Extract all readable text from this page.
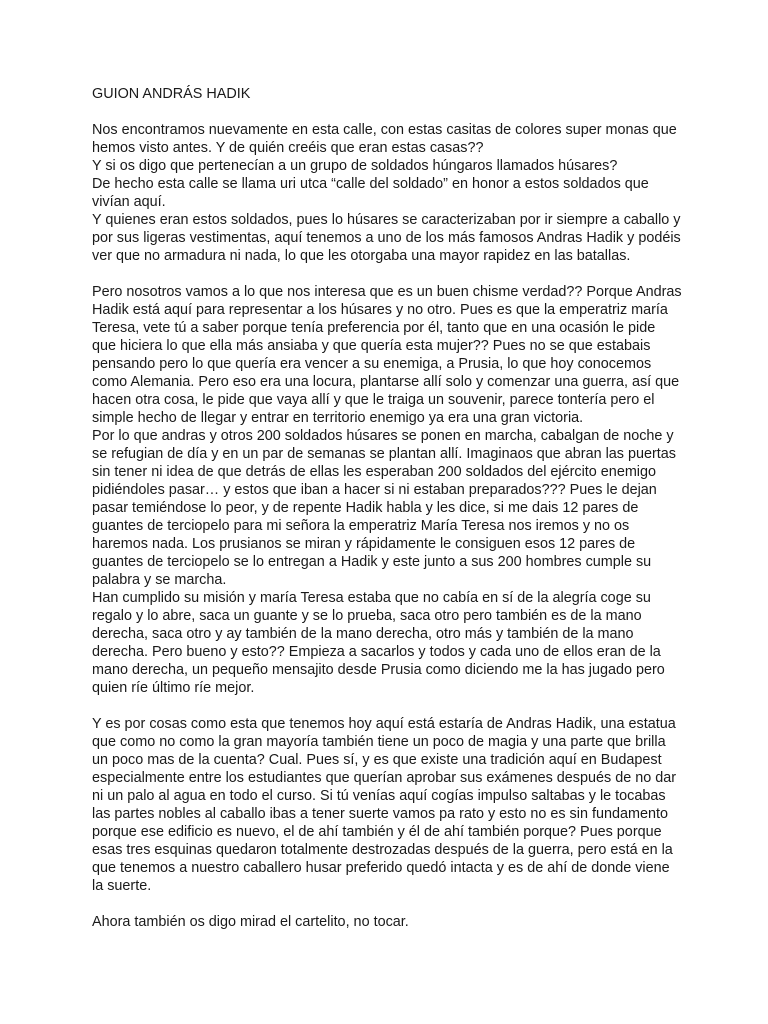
GUION ANDRÁS HADIK
Nos encontramos nuevamente en esta calle, con estas casitas de colores super monas que
hemos visto antes. Y de quién creéis que eran estas casas??
Y si os digo que pertenecían a un grupo de soldados húngaros llamados húsares?
De hecho esta calle se llama uri utca “calle del soldado” en honor a estos soldados que
vivían aquí.
Y quienes eran estos soldados, pues lo húsares se caracterizaban por ir siempre a caballo y
por sus ligeras vestimentas, aquí tenemos a uno de los más famosos Andras Hadik y podéis
ver que no armadura ni nada, lo que les otorgaba una mayor rapidez en las batallas.
Pero nosotros vamos a lo que nos interesa que es un buen chisme verdad?? Porque Andras
Hadik está aquí para representar a los húsares y no otro. Pues es que la emperatriz maría
Teresa, vete tú a saber porque tenía preferencia por él, tanto que en una ocasión le pide
que hiciera lo que ella más ansiaba y que quería esta mujer?? Pues no se que estabais
pensando pero lo que quería era vencer a su enemiga, a Prusia, lo que hoy conocemos
como Alemania. Pero eso era una locura, plantarse allí solo y comenzar una guerra, así que
hacen otra cosa, le pide que vaya allí y que le traiga un souvenir, parece tontería pero el
simple hecho de llegar y entrar en territorio enemigo ya era una gran victoria.
Por lo que andras y otros 200 soldados húsares se ponen en marcha, cabalgan de noche y
se refugian de día y en un par de semanas se plantan allí. Imaginaos que abran las puertas
sin tener ni idea de que detrás de ellas les esperaban 200 soldados del ejército enemigo
pidiéndoles pasar… y estos que iban a hacer si ni estaban preparados??? Pues le dejan
pasar temiéndose lo peor, y de repente Hadik habla y les dice, si me dais 12 pares de
guantes de terciopelo para mi señora la emperatriz María Teresa nos iremos y no os
haremos nada. Los prusianos se miran y rápidamente le consiguen esos 12 pares de
guantes de terciopelo se lo entregan a Hadik y este junto a sus 200 hombres cumple su
palabra y se marcha.
Han cumplido su misión y maría Teresa estaba que no cabía en sí de la alegría coge su
regalo y lo abre, saca un guante y se lo prueba, saca otro pero también es de la mano
derecha, saca otro y ay también de la mano derecha, otro más y también de la mano
derecha. Pero bueno y esto?? Empieza a sacarlos y todos y cada uno de ellos eran de la
mano derecha, un pequeño mensajito desde Prusia como diciendo me la has jugado pero
quien ríe último ríe mejor.
Y es por cosas como esta que tenemos hoy aquí está estaría de Andras Hadik, una estatua
que como no como la gran mayoría también tiene un poco de magia y una parte que brilla
un poco mas de la cuenta? Cual. Pues sí, y es que existe una tradición aquí en Budapest
especialmente entre los estudiantes que querían aprobar sus exámenes después de no dar
ni un palo al agua en todo el curso. Si tú venías aquí cogías impulso saltabas y le tocabas
las partes nobles al caballo ibas a tener suerte vamos pa rato y esto no es sin fundamento
porque ese edificio es nuevo, el de ahí también y él de ahí también porque? Pues porque
esas tres esquinas quedaron totalmente destrozadas después de la guerra, pero está en la
que tenemos a nuestro caballero husar preferido quedó intacta y es de ahí de donde viene
la suerte.
Ahora también os digo mirad el cartelito, no tocar.
